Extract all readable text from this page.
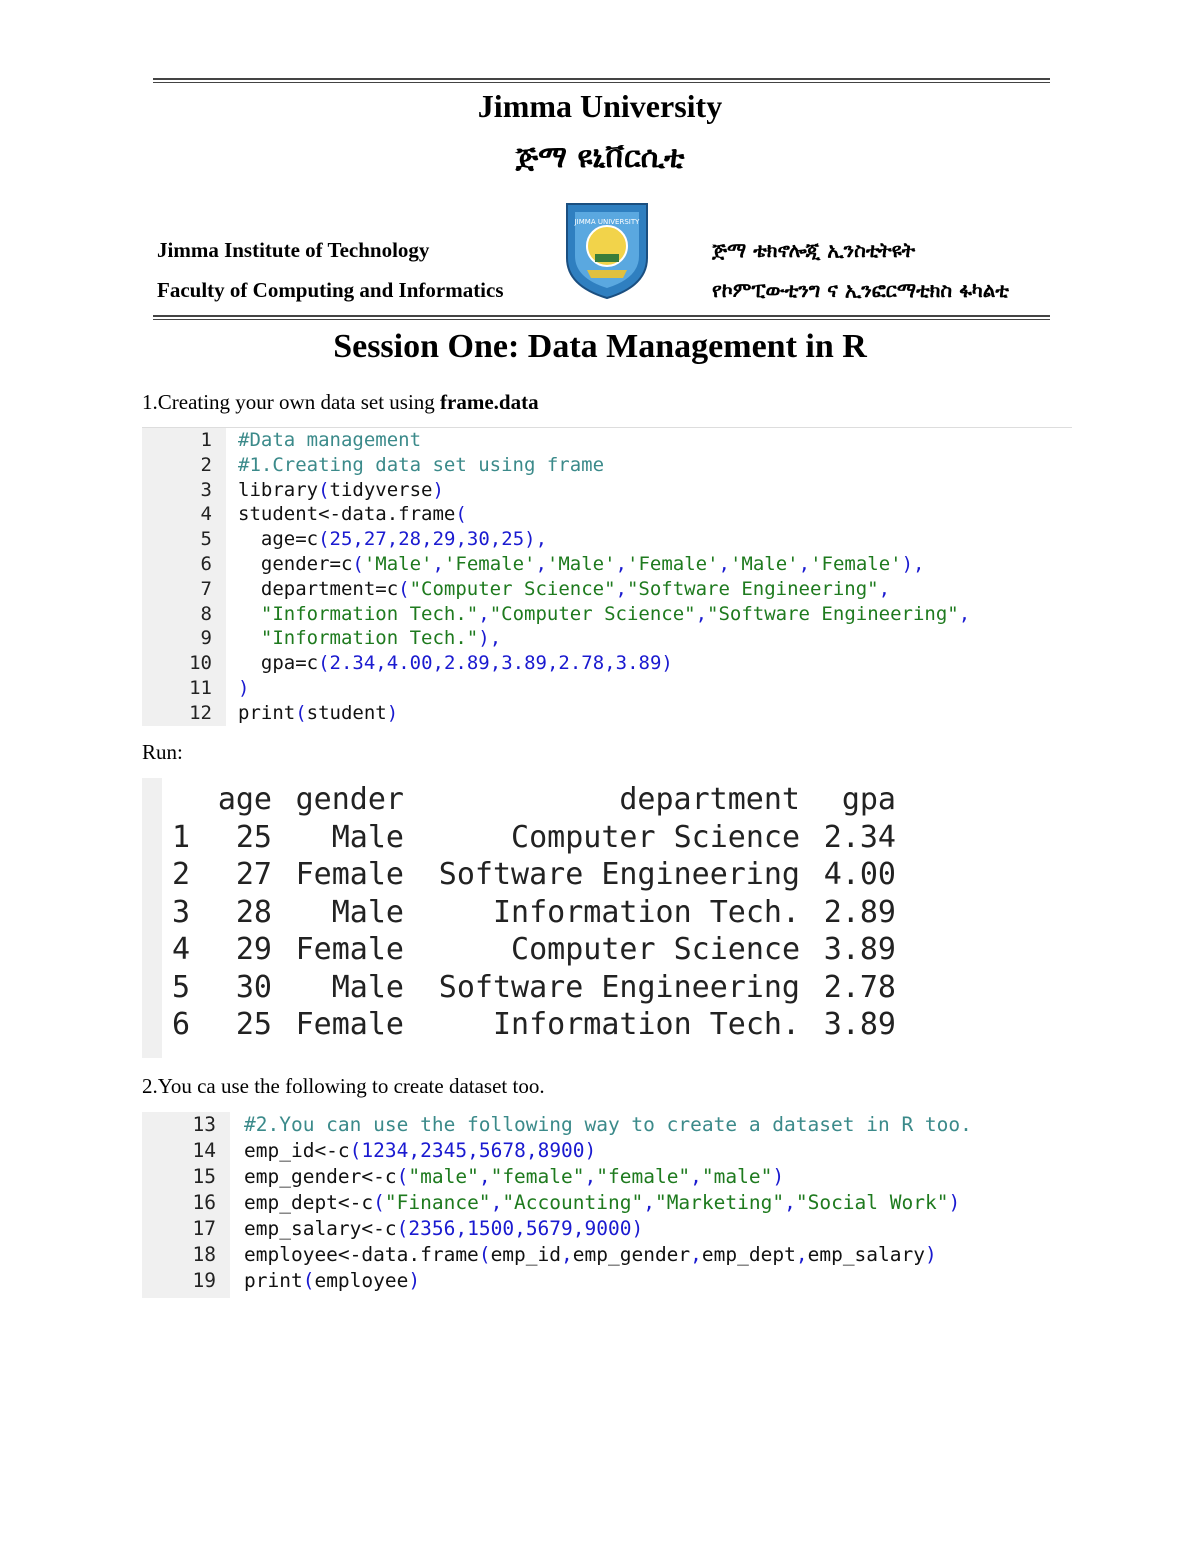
Jimma University
ጅማ ዩኒቨርሲቲ
Jimma Institute of Technology
Faculty of Computing and Informatics
JIMMA UNIVERSITY
ጅማ ቴክኖሎጂ ኢንስቲትዩት
የኮምፒውቲንግ ና ኢንፎርማቲክስ ፋካልቲ
Session One: Data Management in R
1.Creating your own data set using frame.data
1 #Data management
2 #1.Creating data set using frame
3 library(tidyverse)
4 student<-data.frame(
5 age=c(25,27,28,29,30,25),
6 gender=c('Male','Female','Male','Female','Male','Female'),
7 department=c("Computer Science","Software Engineering",
8	"Information Tech.","Computer Science","Software Engineering",
9	"Information Tech."),
10 gpa=c(2.34,4.00,2.89,3.89,2.78,3.89)
11 )
12 print(student)
Run:
age gender	department	gpa
1	25	Male	Computer Science 2.34
2	27 Female	Software Engineering 4.00
3	28	Male	Information Tech. 2.89
4	29 Female	Computer Science 3.89
5	30	Male	Software Engineering 2.78
6	25 Female	Information Tech. 3.89
2.You ca use the following to create dataset too.
13 #2.You can use the following way to create a dataset in R too.
14 emp_id<-c(1234,2345,5678,8900)
15 emp_gender<-c("male","female","female","male")
16 emp_dept<-c("Finance","Accounting","Marketing","Social Work")
17 emp_salary<-c(2356,1500,5679,9000)
18 employee<-data.frame(emp_id,emp_gender,emp_dept,emp_salary)
19 print(employee)
